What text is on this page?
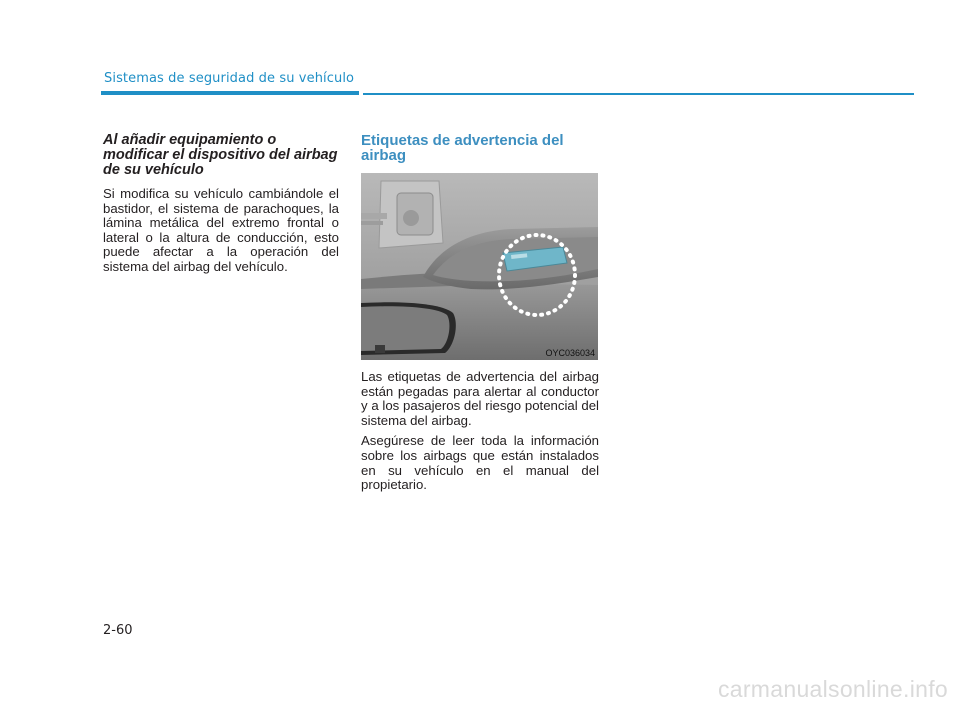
Sistemas de seguridad de su vehículo
Al añadir equipamiento o modificar el dispositivo del airbag de su vehículo

Si modifica su vehículo cambiándole el bastidor, el sistema de parachoques, la lámina metálica del extremo frontal o lateral o la altura de conducción, esto puede afectar a la operación del sistema del airbag del vehículo.

Etiquetas de advertencia del airbag
OYC036034

Las etiquetas de advertencia del airbag están pegadas para alertar al conductor y a los pasajeros del riesgo potencial del sistema del airbag.

Asegúrese de leer toda la información sobre los airbags que están instalados en su vehículo en el manual del propietario.

2-60
carmanualsonline.info
